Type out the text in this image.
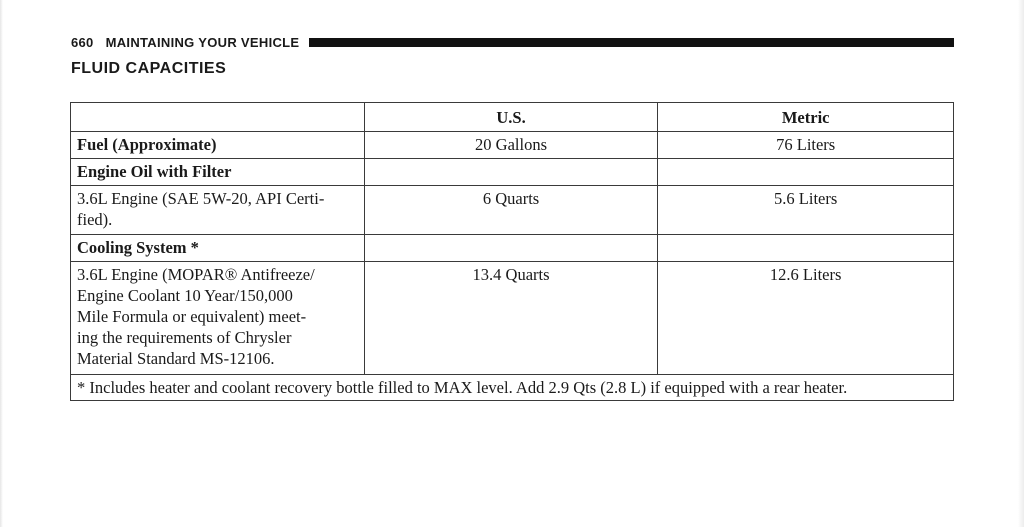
660 MAINTAINING YOUR VEHICLE
FLUID CAPACITIES
	U.S.	Metric
Fuel (Approximate)	20 Gallons	76 Liters
Engine Oil with Filter		
3.6L Engine (SAE 5W-20, API Certi-
fied).	6 Quarts	5.6 Liters
Cooling System *		
3.6L Engine (MOPAR® Antifreeze/
Engine Coolant 10 Year/150,000
Mile Formula or equivalent) meet-
ing the requirements of Chrysler
Material Standard MS-12106.	13.4 Quarts	12.6 Liters
* Includes heater and coolant recovery bottle filled to MAX level. Add 2.9 Qts (2.8 L) if equipped with a rear heater.		
